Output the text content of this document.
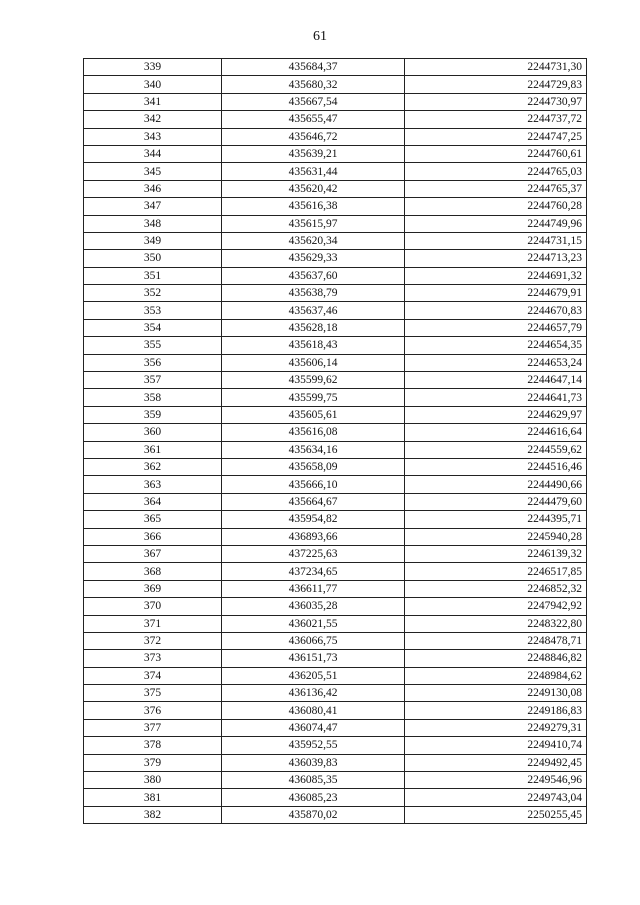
61
339	435684,37	2244731,30
340	435680,32	2244729,83
341	435667,54	2244730,97
342	435655,47	2244737,72
343	435646,72	2244747,25
344	435639,21	2244760,61
345	435631,44	2244765,03
346	435620,42	2244765,37
347	435616,38	2244760,28
348	435615,97	2244749,96
349	435620,34	2244731,15
350	435629,33	2244713,23
351	435637,60	2244691,32
352	435638,79	2244679,91
353	435637,46	2244670,83
354	435628,18	2244657,79
355	435618,43	2244654,35
356	435606,14	2244653,24
357	435599,62	2244647,14
358	435599,75	2244641,73
359	435605,61	2244629,97
360	435616,08	2244616,64
361	435634,16	2244559,62
362	435658,09	2244516,46
363	435666,10	2244490,66
364	435664,67	2244479,60
365	435954,82	2244395,71
366	436893,66	2245940,28
367	437225,63	2246139,32
368	437234,65	2246517,85
369	436611,77	2246852,32
370	436035,28	2247942,92
371	436021,55	2248322,80
372	436066,75	2248478,71
373	436151,73	2248846,82
374	436205,51	2248984,62
375	436136,42	2249130,08
376	436080,41	2249186,83
377	436074,47	2249279,31
378	435952,55	2249410,74
379	436039,83	2249492,45
380	436085,35	2249546,96
381	436085,23	2249743,04
382	435870,02	2250255,45
